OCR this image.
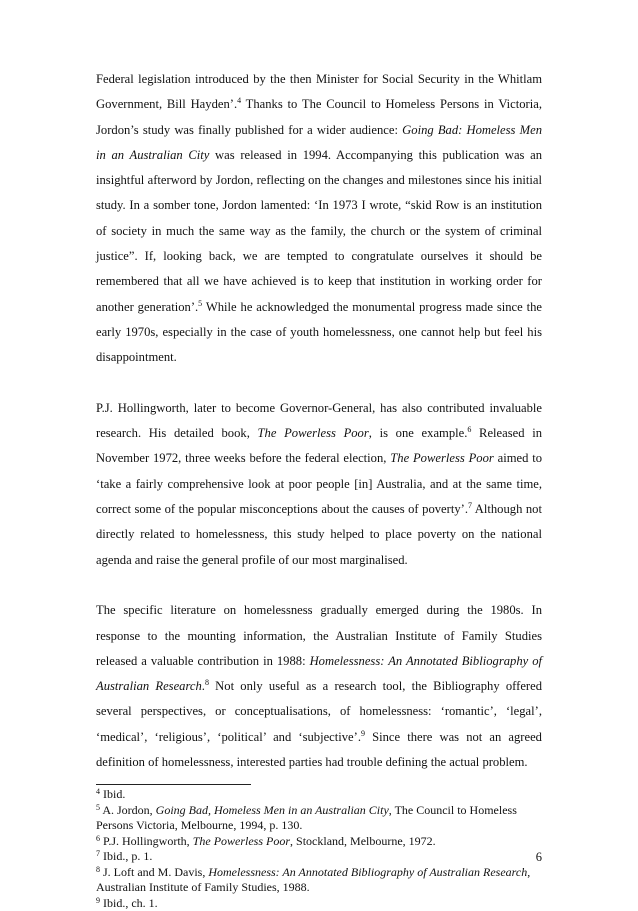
Federal legislation introduced by the then Minister for Social Security in the Whitlam Government, Bill Hayden’.$^4$ Thanks to The Council to Homeless Persons in Victoria, Jordon’s study was finally published for a wider audience: Going Bad: Homeless Men in an Australian City was released in 1994. Accompanying this publication was an insightful afterword by Jordon, reflecting on the changes and milestones since his initial study. In a somber tone, Jordon lamented: ‘In 1973 I wrote, “skid Row is an institution of society in much the same way as the family, the church or the system of criminal justice”. If, looking back, we are tempted to congratulate ourselves it should be remembered that all we have achieved is to keep that institution in working order for another generation’.$^5$ While he acknowledged the monumental progress made since the early 1970s, especially in the case of youth homelessness, one cannot help but feel his disappointment.

P.J. Hollingworth, later to become Governor-General, has also contributed invaluable research. His detailed book, The Powerless Poor, is one example.$^6$ Released in November 1972, three weeks before the federal election, The Powerless Poor aimed to ‘take a fairly comprehensive look at poor people [in] Australia, and at the same time, correct some of the popular misconceptions about the causes of poverty’.$^7$ Although not directly related to homelessness, this study helped to place poverty on the national agenda and raise the general profile of our most marginalised.

The specific literature on homelessness gradually emerged during the 1980s. In response to the mounting information, the Australian Institute of Family Studies released a valuable contribution in 1988: Homelessness: An Annotated Bibliography of Australian Research.$^8$ Not only useful as a research tool, the Bibliography offered several perspectives, or conceptualisations, of homelessness: ‘romantic’, ‘legal’, ‘medical’, ‘religious’, ‘political’ and ‘subjective’.$^9$ Since there was not an agreed definition of homelessness, interested parties had trouble defining the actual problem.

$^4$ Ibid.

$^5$ A. Jordon, Going Bad, Homeless Men in an Australian City, The Council to Homeless Persons Victoria, Melbourne, 1994, p. 130.

$^6$ P.J. Hollingworth, The Powerless Poor, Stockland, Melbourne, 1972.

$^7$ Ibid., p. 1.

$^8$ J. Loft and M. Davis, Homelessness: An Annotated Bibliography of Australian Research, Australian Institute of Family Studies, 1988.

$^9$ Ibid., ch. 1.

6
